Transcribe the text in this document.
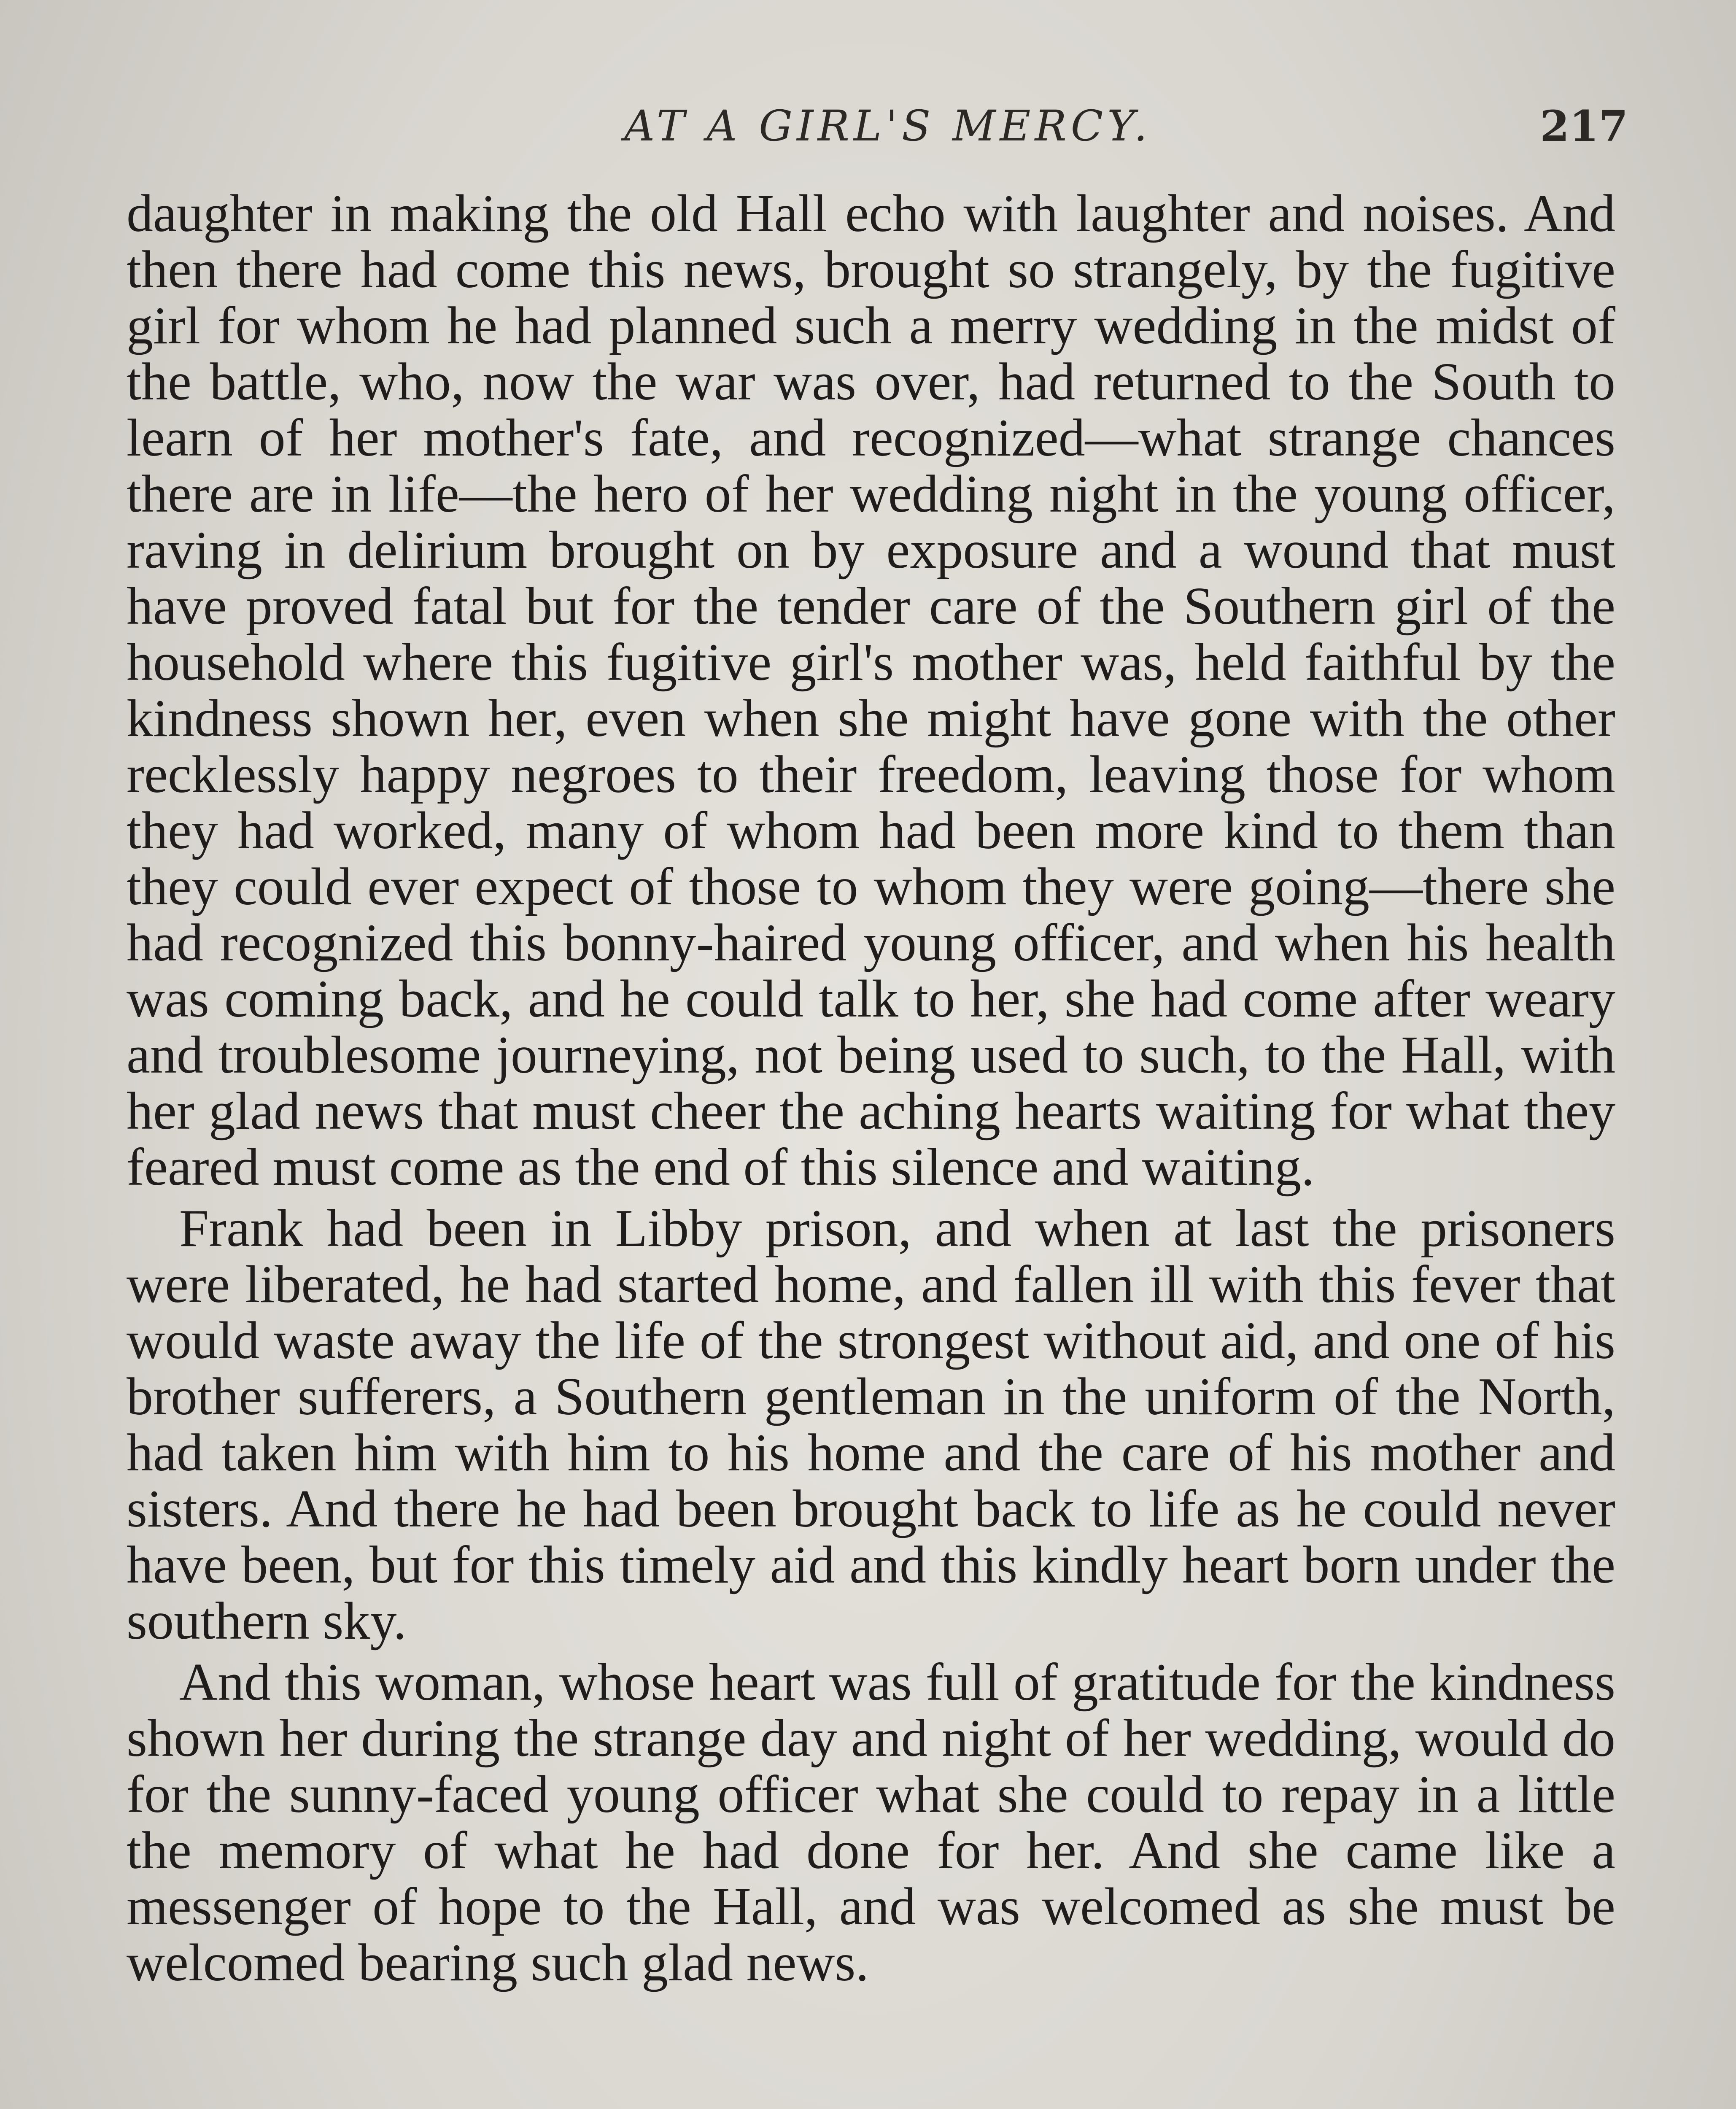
AT A GIRL'S MERCY.	217

daughter in making the old Hall echo with laughter and noises. And then there had come this news, brought so strangely, by the fugitive girl for whom he had planned such a merry wedding in the midst of the battle, who, now the war was over, had returned to the South to learn of her mother's fate, and recognized—what strange chances there are in life—the hero of her wedding night in the young officer, raving in delirium brought on by exposure and a wound that must have proved fatal but for the tender care of the Southern girl of the household where this fugitive girl's mother was, held faithful by the kindness shown her, even when she might have gone with the other recklessly happy negroes to their freedom, leaving those for whom they had worked, many of whom had been more kind to them than they could ever expect of those to whom they were going—there she had recognized this bonny-haired young officer, and when his health was coming back, and he could talk to her, she had come after weary and troublesome journeying, not being used to such, to the Hall, with her glad news that must cheer the aching hearts waiting for what they feared must come as the end of this silence and waiting.

Frank had been in Libby prison, and when at last the prisoners were liberated, he had started home, and fallen ill with this fever that would waste away the life of the strongest without aid, and one of his brother sufferers, a Southern gentleman in the uniform of the North, had taken him with him to his home and the care of his mother and sisters. And there he had been brought back to life as he could never have been, but for this timely aid and this kindly heart born under the southern sky.

And this woman, whose heart was full of gratitude for the kindness shown her during the strange day and night of her wedding, would do for the sunny-faced young officer what she could to repay in a little the memory of what he had done for her. And she came like a messenger of hope to the Hall, and was welcomed as she must be welcomed bearing such glad news.
